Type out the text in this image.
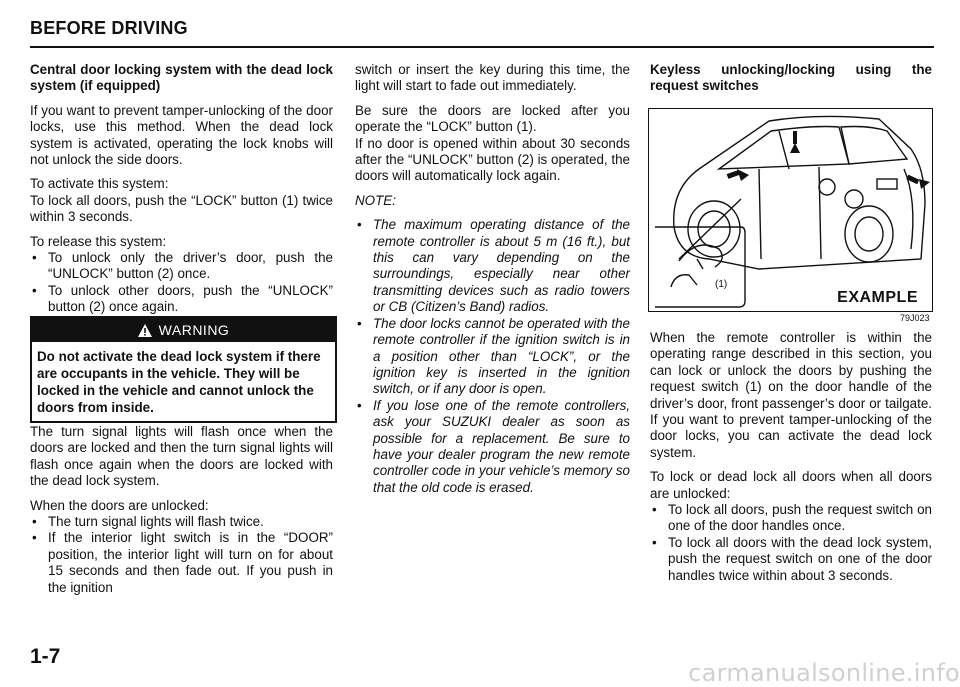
BEFORE DRIVING

Central door locking system with the dead lock system (if equipped)

If you want to prevent tamper-unlocking of the door locks, use this method. When the dead lock system is activated, operating the lock knobs will not unlock the side doors.

To activate this system:
To lock all doors, push the “LOCK” button (1) twice within 3 seconds.

To release this system:

• To unlock only the driver’s door, push the “UNLOCK” button (2) once.
• To unlock other doors, push the “UNLOCK” button (2) once again.
WARNING
Do not activate the dead lock system if there are occupants in the vehicle. They will be locked in the vehicle and cannot unlock the doors from inside.

The turn signal lights will flash once when the doors are locked and then the turn signal lights will flash once again when the doors are locked with the dead lock system.

When the doors are unlocked:

• The turn signal lights will flash twice.
• If the interior light switch is in the “DOOR” position, the interior light will turn on for about 15 seconds and then fade out. If you push in the ignition

switch or insert the key during this time, the light will start to fade out immediately.

Be sure the doors are locked after you operate the “LOCK” button (1).
If no door is opened within about 30 seconds after the “UNLOCK” button (2) is operated, the doors will automatically lock again.

NOTE:

• The maximum operating distance of the remote controller is about 5 m (16 ft.), but this can vary depending on the surroundings, especially near other transmitting devices such as radio towers or CB (Citizen’s Band) radios.
• The door locks cannot be operated with the remote controller if the ignition switch is in a position other than “LOCK”, or the ignition key is inserted in the ignition switch, or if any door is open.
• If you lose one of the remote controllers, ask your SUZUKI dealer as soon as possible for a replacement. Be sure to have your dealer program the new remote controller code in your vehicle’s memory so that the old code is erased.

Keyless unlocking/locking using the request switches

(1)
EXAMPLE
79J023

When the remote controller is within the operating range described in this section, you can lock or unlock the doors by pushing the request switch (1) on the door handle of the driver’s door, front passenger’s door or tailgate. If you want to prevent tamper-unlocking of the door locks, you can activate the dead lock system.

To lock or dead lock all doors when all doors are unlocked:

• To lock all doors, push the request switch on one of the door handles once.
• To lock all doors with the dead lock system, push the request switch on one of the door handles twice within about 3 seconds.
1-7
carmanualsonline.info
